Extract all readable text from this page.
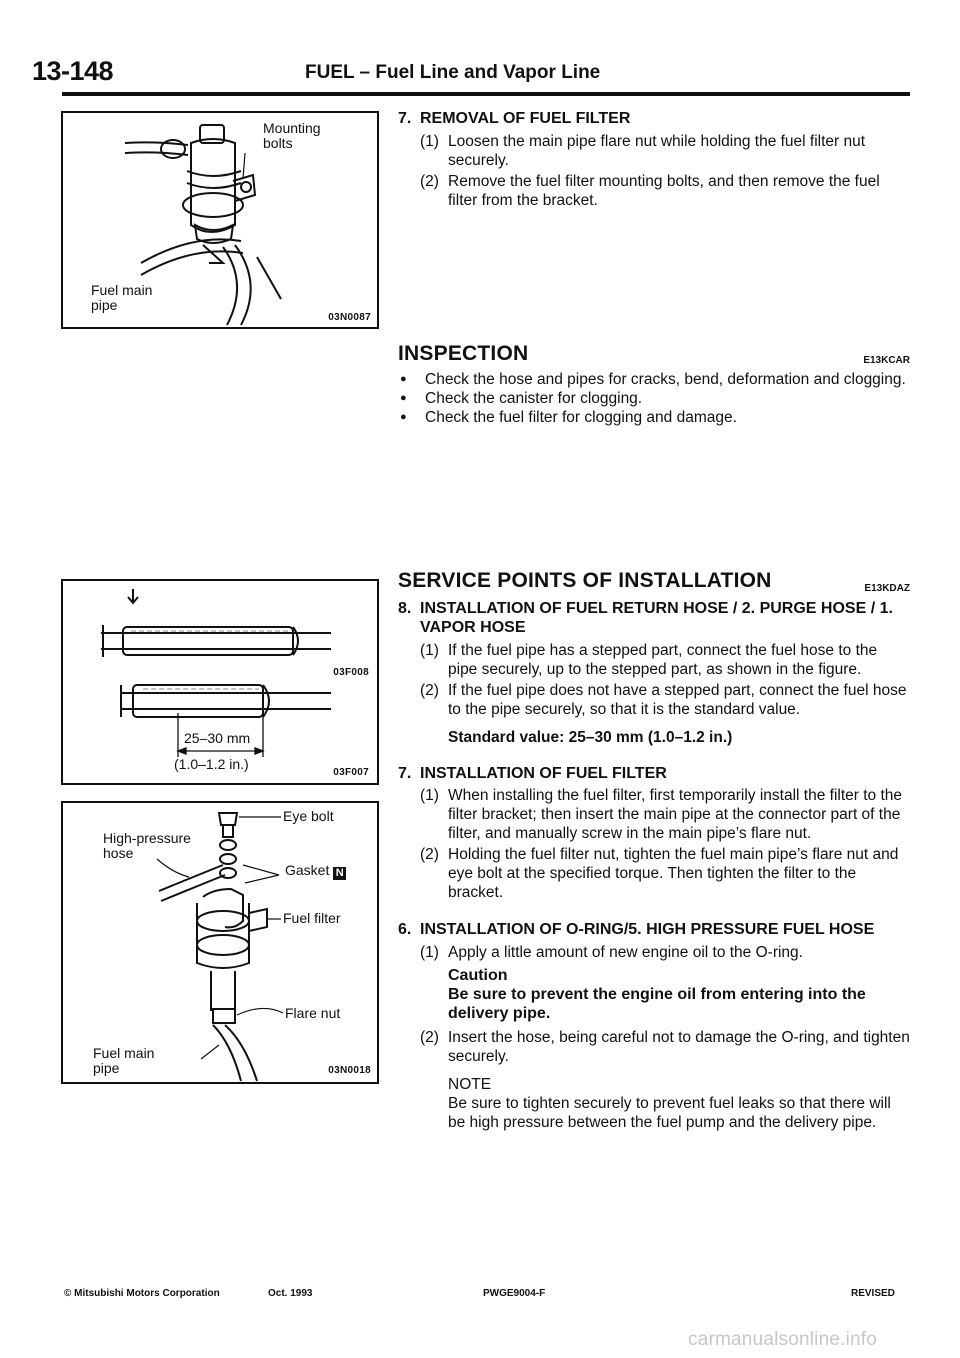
13-148	FUEL – Fuel Line and Vapor Line
Mounting
bolts
Fuel main
pipe
03N0087
03F008
25–30 mm
(1.0–1.2 in.)
03F007
Eye bolt
High-pressure
hose
Gasket N
Fuel filter
Fuel main
pipe
Flare nut
03N0018
7. REMOVAL OF FUEL FILTER
(1) Loosen the main pipe flare nut while holding the fuel filter nut securely.
(2) Remove the fuel filter mounting bolts, and then remove the fuel filter from the bracket.
INSPECTION	E13KCAR
● Check the hose and pipes for cracks, bend, deformation and clogging.
● Check the canister for clogging.
● Check the fuel filter for clogging and damage.
SERVICE POINTS OF INSTALLATION	E13KDAZ
8. INSTALLATION OF FUEL RETURN HOSE / 2. PURGE HOSE / 1. VAPOR HOSE
(1) If the fuel pipe has a stepped part, connect the fuel hose to the pipe securely, up to the stepped part, as shown in the figure.
(2) If the fuel pipe does not have a stepped part, connect the fuel hose to the pipe securely, so that it is the standard value.
Standard value: 25–30 mm (1.0–1.2 in.)
7. INSTALLATION OF FUEL FILTER
(1) When installing the fuel filter, first temporarily install the filter to the filter bracket; then insert the main pipe at the connector part of the filter, and manually screw in the main pipe’s flare nut.
(2) Holding the fuel filter nut, tighten the fuel main pipe’s flare nut and eye bolt at the specified torque. Then tighten the filter to the bracket.
6. INSTALLATION OF O-RING/5. HIGH PRESSURE FUEL HOSE
(1) Apply a little amount of new engine oil to the O-ring.
Caution
Be sure to prevent the engine oil from entering into the delivery pipe.
(2) Insert the hose, being careful not to damage the O-ring, and tighten securely.
NOTE
Be sure to tighten securely to prevent fuel leaks so that there will be high pressure between the fuel pump and the delivery pipe.
© Mitsubishi Motors Corporation	Oct. 1993	PWGE9004-F	REVISED
carmanualsonline.info
